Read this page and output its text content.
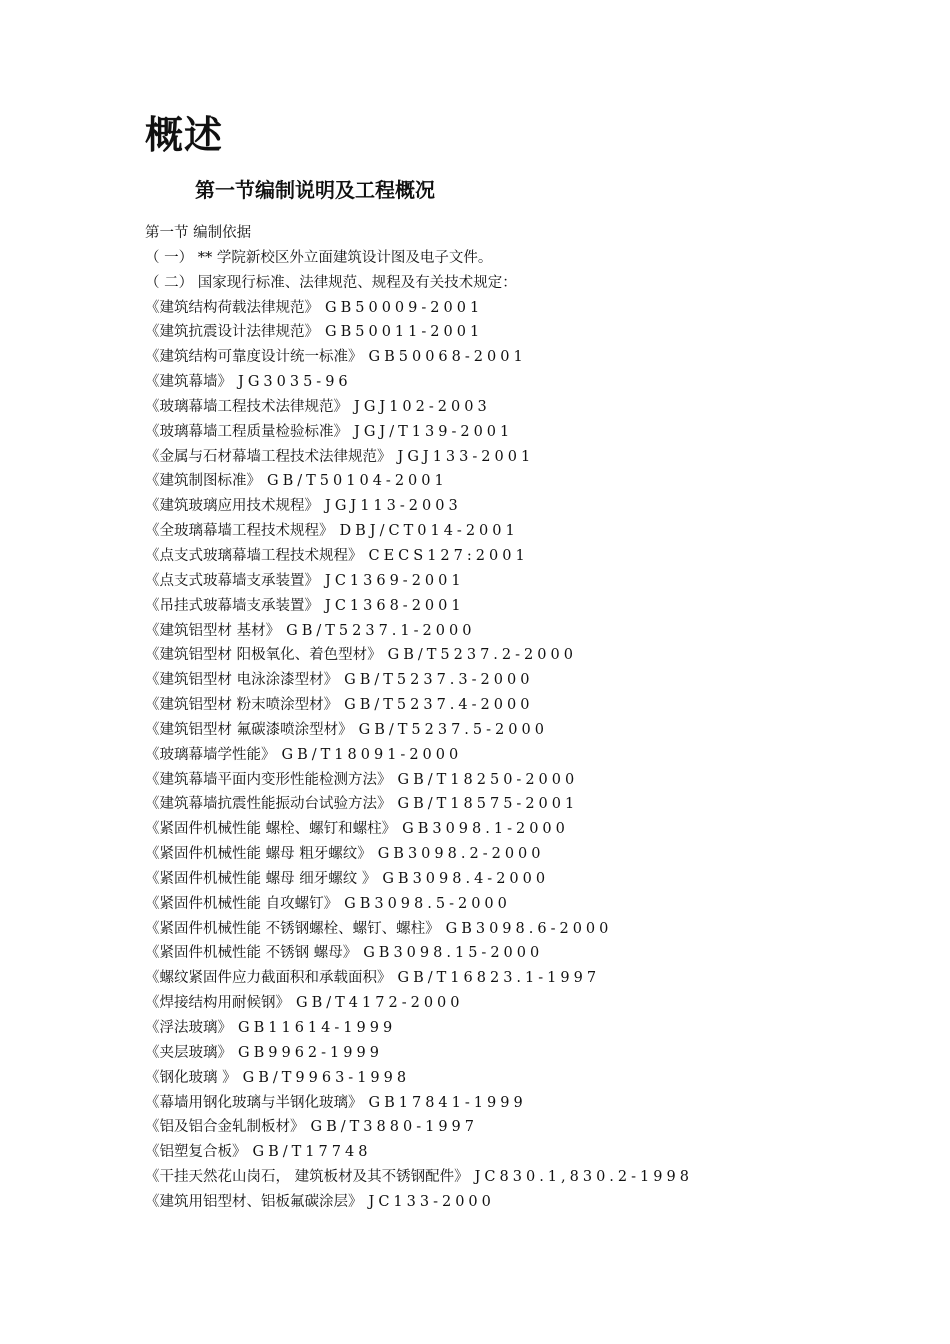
概述
第一节编制说明及工程概况
第一节 编制依据
（ 一） ** 学院新校区外立面建筑设计图及电子文件。
（ 二） 国家现行标准、法律规范、规程及有关技术规定：
《建筑结构荷载法律规范》 GB50009-2001
《建筑抗震设计法律规范》 GB50011-2001
《建筑结构可靠度设计统一标准》 GB50068-2001
《建筑幕墙》 JG3035-96
《玻璃幕墙工程技术法律规范》 JGJ102-2003
《玻璃幕墙工程质量检验标准》 JGJ/T139-2001
《金属与石材幕墙工程技术法律规范》 JGJ133-2001
《建筑制图标准》 GB/T50104-2001
《建筑玻璃应用技术规程》 JGJ113-2003
《全玻璃幕墙工程技术规程》 DBJ/CT014-2001
《点支式玻璃幕墙工程技术规程》 CECS127:2001
《点支式玻幕墙支承装置》 JC1369-2001
《吊挂式玻幕墙支承装置》 JC1368-2001
《建筑铝型材 基材》 GB/T5237.1-2000
《建筑铝型材 阳极氧化、着色型材》 GB/T5237.2-2000
《建筑铝型材 电泳涂漆型材》 GB/T5237.3-2000
《建筑铝型材 粉末喷涂型材》 GB/T5237.4-2000
《建筑铝型材 氟碳漆喷涂型材》 GB/T5237.5-2000
《玻璃幕墙学性能》 GB/T18091-2000
《建筑幕墙平面内变形性能检测方法》 GB/T18250-2000
《建筑幕墙抗震性能振动台试验方法》 GB/T18575-2001
《紧固件机械性能 螺栓、螺钉和螺柱》 GB3098.1-2000
《紧固件机械性能 螺母 粗牙螺纹》 GB3098.2-2000
《紧固件机械性能 螺母 细牙螺纹 》 GB3098.4-2000
《紧固件机械性能 自攻螺钉》 GB3098.5-2000
《紧固件机械性能 不锈钢螺栓、螺钉、螺柱》 GB3098.6-2000
《紧固件机械性能 不锈钢 螺母》 GB3098.15-2000
《螺纹紧固件应力截面积和承载面积》 GB/T16823.1-1997
《焊接结构用耐候钢》 GB/T4172-2000
《浮法玻璃》 GB11614-1999
《夹层玻璃》 GB9962-1999
《钢化玻璃 》 GB/T9963-1998
《幕墙用钢化玻璃与半钢化玻璃》 GB17841-1999
《铝及铝合金轧制板材》 GB/T3880-1997
《铝塑复合板》 GB/T17748
《干挂天然花山岗石， 建筑板材及其不锈钢配件》 JC830.1,830.2-1998
《建筑用铝型材、铝板氟碳涂层》 JC133-2000
